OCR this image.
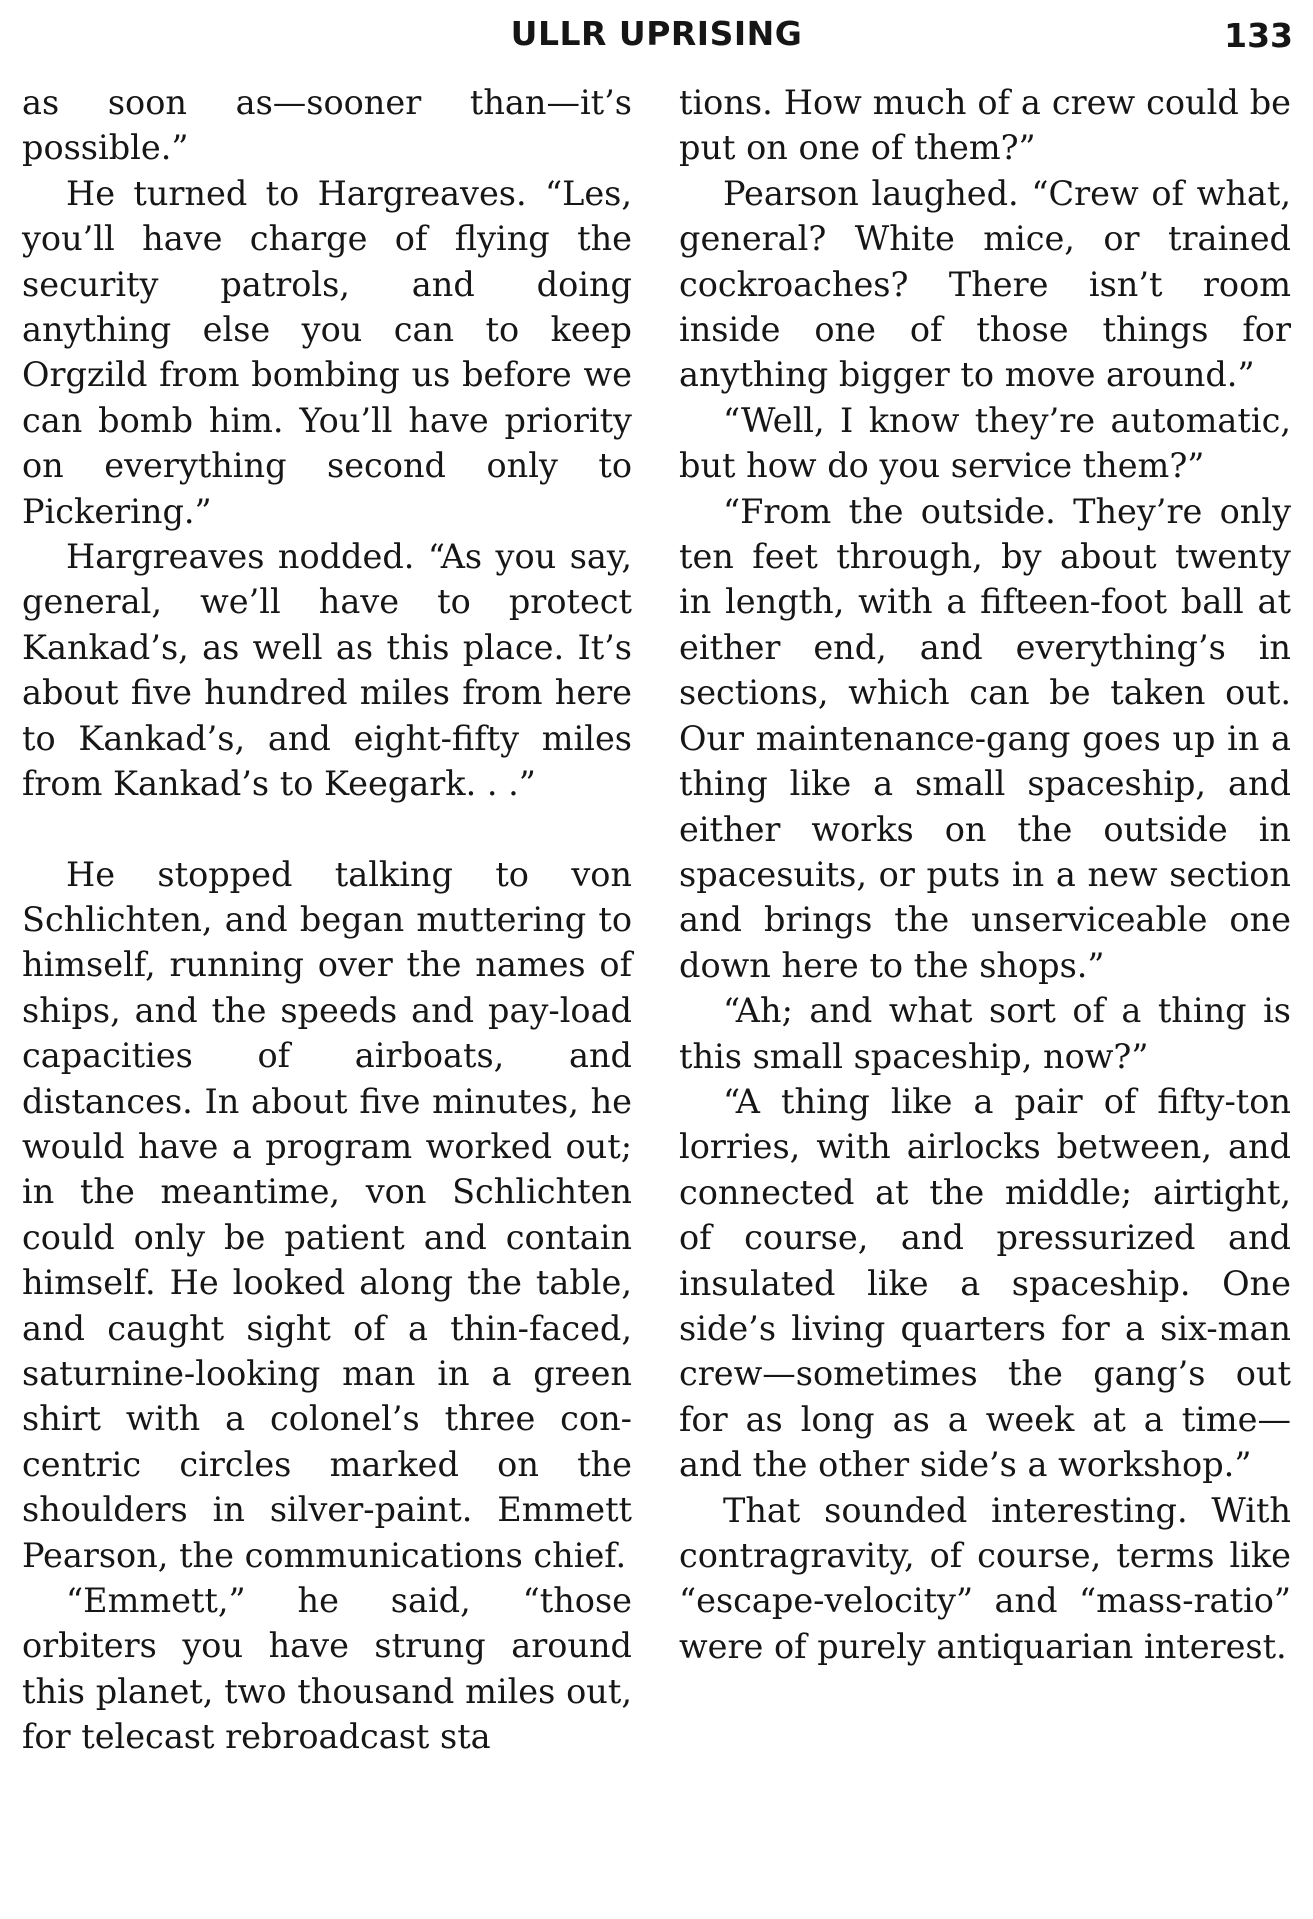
ULLR UPRISING	133

as soon as—sooner than—it’s possible.”

He turned to Hargreaves. “Les, you’ll have charge of flying the security patrols, and doing anything else you can to keep Orgzild from bombing us before we can bomb him. You’ll have priority on everything second only to Pickering.”

Hargreaves nodded. “As you say, general, we’ll have to protect Kankad’s, as well as this place. It’s about five hundred miles from here to Kankad’s, and eight-fifty miles from Kankad’s to Keegark. . .”

He stopped talking to von Schlichten, and began muttering to himself, running over the names of ships, and the speeds and pay-load capacities of airboats, and distances. In about five minutes, he would have a program worked out; in the meantime, von Schlichten could only be patient and contain himself. He looked along the table, and caught sight of a thin-faced, saturnine-looking man in a green shirt with a colonel’s three concentric circles marked on the shoulders in silver-paint. Emmett Pearson, the communications chief.

“Emmett,” he said, “those orbiters you have strung around this planet, two thousand miles out, for telecast rebroadcast sta

tions. How much of a crew could be put on one of them?”

Pearson laughed. “Crew of what, general? White mice, or trained cockroaches? There isn’t room inside one of those things for anything bigger to move around.”

“Well, I know they’re automatic, but how do you service them?”

“From the outside. They’re only ten feet through, by about twenty in length, with a fifteen-foot ball at either end, and everything’s in sections, which can be taken out. Our maintenance-gang goes up in a thing like a small spaceship, and either works on the outside in spacesuits, or puts in a new section and brings the unserviceable one down here to the shops.”

“Ah; and what sort of a thing is this small spaceship, now?”

“A thing like a pair of fifty-ton lorries, with airlocks between, and connected at the middle; airtight, of course, and pressurized and insulated like a spaceship. One side’s living quarters for a six-man crew—sometimes the gang’s out for as long as a week at a time—and the other side’s a workshop.”

That sounded interesting. With contragravity, of course, terms like “escape-velocity” and “mass-ratio” were of purely antiquarian interest.
